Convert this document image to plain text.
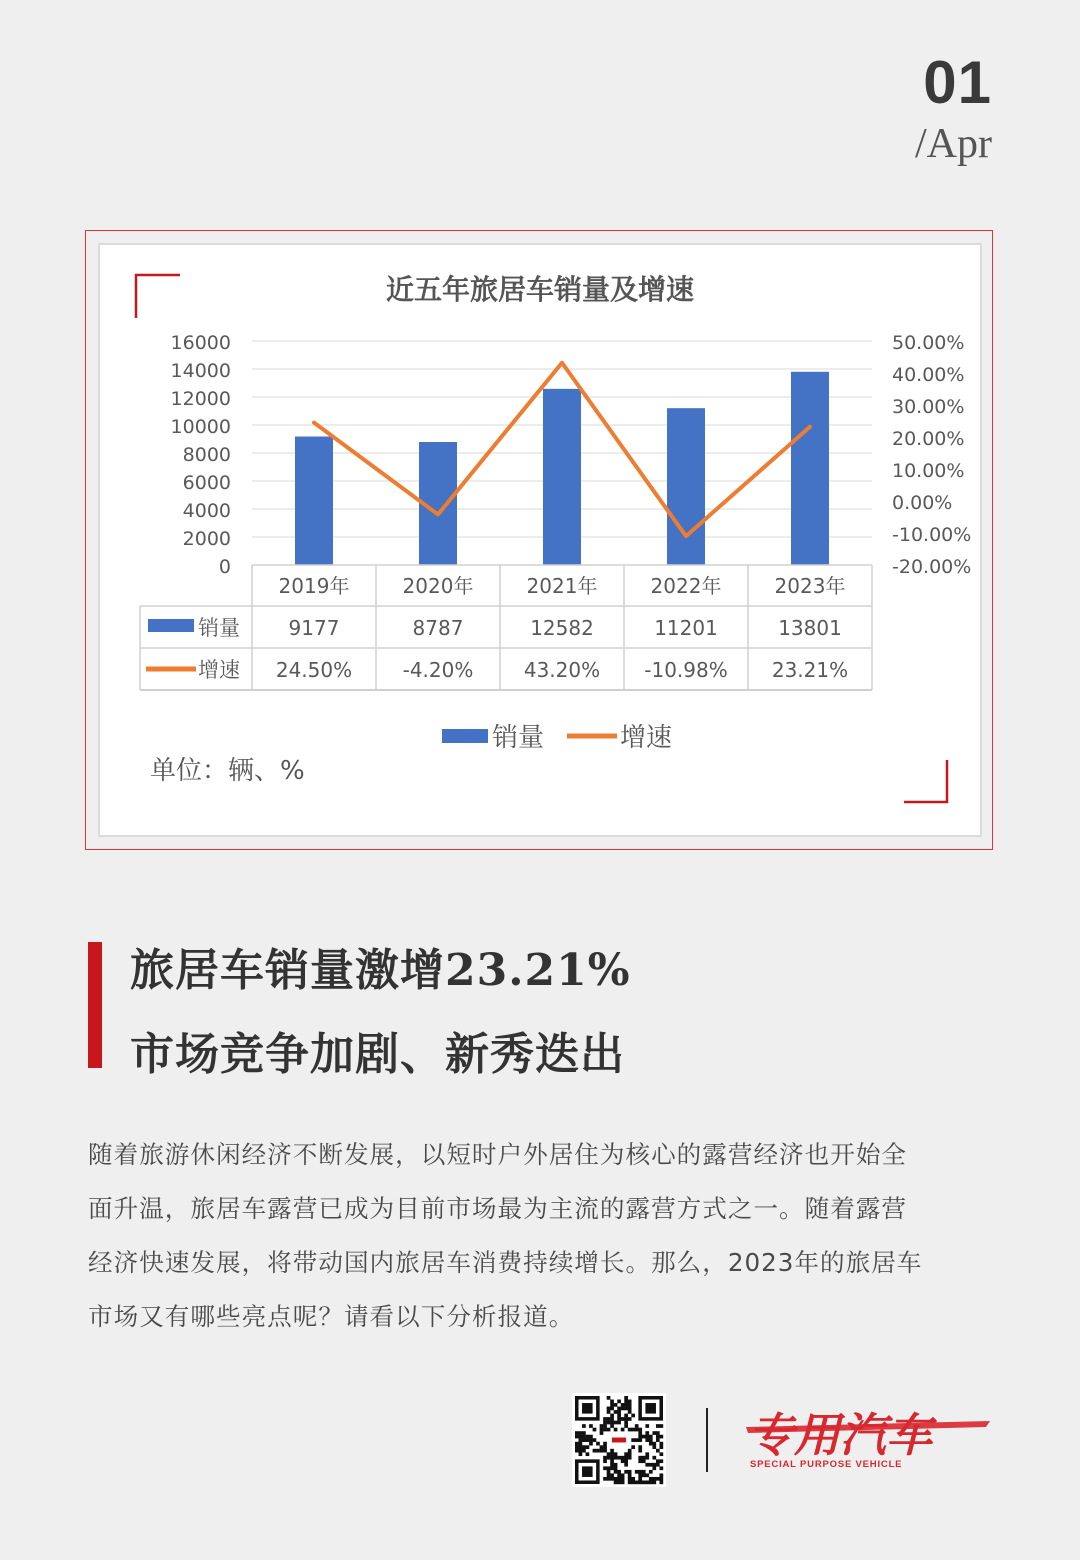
01
/Apr
近五年旅居车销量及增速
0
2000
4000
6000
8000
10000
12000
14000
16000
-20.00%
-10.00%
0.00%
10.00%
20.00%
30.00%
40.00%
50.00%
2019年
9177
24.50%
2020年
8787
-4.20%
2021年
12582
43.20%
2022年
11201
-10.98%
2023年
13801
23.21%
销量
增速
销量	增速
单位：辆、%
旅居车销量激增23.21%
市场竞争加剧、新秀迭出
随着旅游休闲经济不断发展，以短时户外居住为核心的露营经济也开始全
面升温，旅居车露营已成为目前市场最为主流的露营方式之一。随着露营
经济快速发展，将带动国内旅居车消费持续增长。那么，2023年的旅居车
市场又有哪些亮点呢？请看以下分析报道。
专用汽车
SPECIAL PURPOSE VEHICLE
